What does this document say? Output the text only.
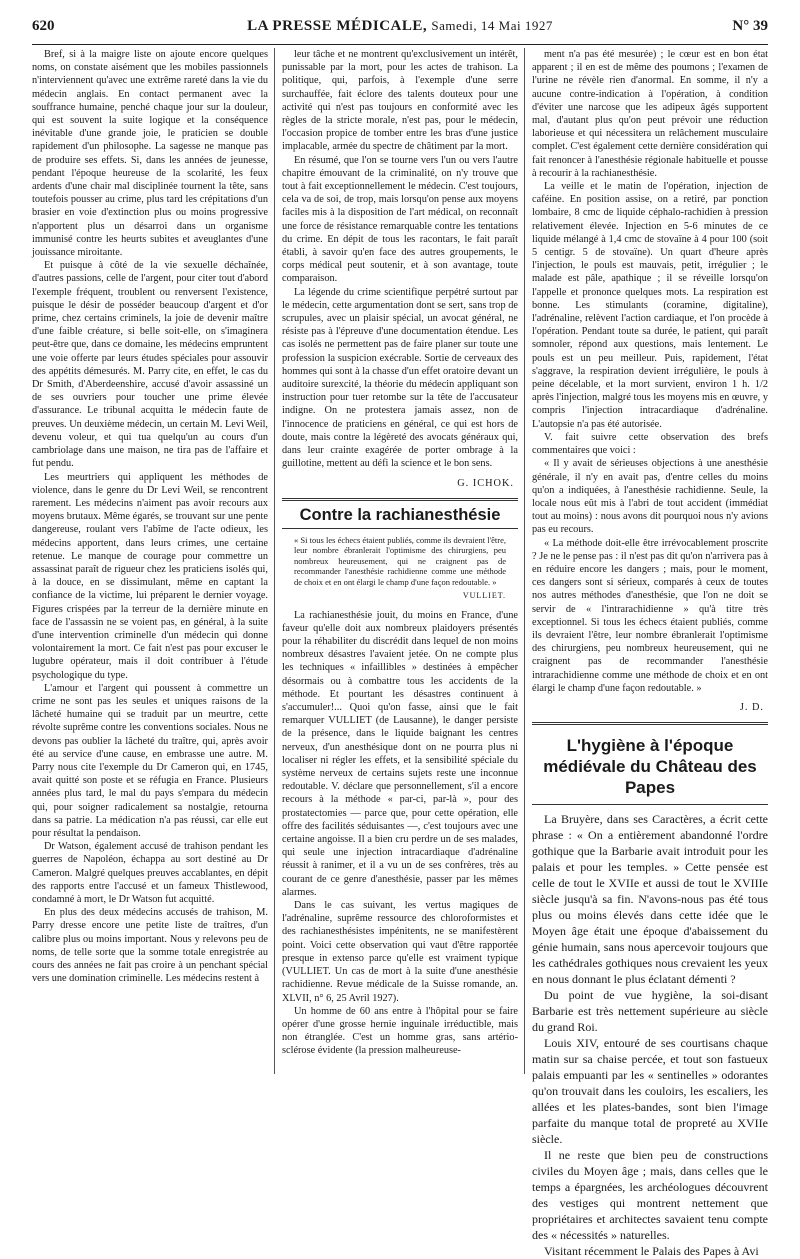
620	LA PRESSE MÉDICALE, Samedi, 14 Mai 1927	N° 39

Bref, si à la maigre liste on ajoute encore quelques noms, on constate aisément que les mobiles passionnels n'interviennent qu'avec une extrême rareté dans la vie du médecin anglais. En contact permanent avec la souffrance humaine, penché chaque jour sur la douleur, qui est souvent la suite logique et la conséquence inévitable d'une grande joie, le praticien se double rapidement d'un philosophe. La sagesse ne manque pas de produire ses effets. Si, dans les années de jeunesse, pendant l'époque heureuse de la scolarité, les feux ardents d'une chair mal disciplinée tournent la tête, sans toutefois pousser au crime, plus tard les crépitations d'un brasier en voie d'extinction plus ou moins progressive n'apportent plus un désarroi dans un organisme immunisé contre les heurts subites et aveuglantes d'une jouissance miroitante.

Et puisque à côté de la vie sexuelle déchaînée, d'autres passions, celle de l'argent, pour citer tout d'abord l'exemple fréquent, troublent ou renversent l'existence, puisque le désir de posséder beaucoup d'argent et d'or prime, chez certains criminels, la joie de devenir maître d'une faible créature, si belle soit-elle, on s'imaginera peut-être que, dans ce domaine, les médecins empruntent une voie offerte par leurs études spéciales pour assouvir des appétits démesurés. M. Parry cite, en effet, le cas du Dr Smith, d'Aberdeenshire, accusé d'avoir assassiné un de ses ouvriers pour toucher une prime élevée d'assurance. Le tribunal acquitta le médecin faute de preuves. Un deuxième médecin, un certain M. Levi Weil, devenu voleur, et qui tua quelqu'un au cours d'un cambriolage dans une maison, ne tira pas de l'affaire et fut pendu.

Les meurtriers qui appliquent les méthodes de violence, dans le genre du Dr Levi Weil, se rencontrent rarement. Les médecins n'aiment pas avoir recours aux moyens brutaux. Même égarés, se trouvant sur une pente dangereuse, roulant vers l'abîme de l'acte odieux, les médecins apportent, dans leurs crimes, une certaine retenue. Le manque de courage pour commettre un assassinat paraît de rigueur chez les praticiens isolés qui, à la douce, en se dissimulant, même en captant la confiance de la victime, lui préparent le dernier voyage. Figures crispées par la terreur de la dernière minute en face de l'assassin ne se voient pas, en général, à la suite d'une intervention criminelle d'un médecin qui donne volontairement la mort. Ce fait n'est pas pour excuser le lugubre opérateur, mais il doit contribuer à l'étude psychologique du type.

L'amour et l'argent qui poussent à commettre un crime ne sont pas les seules et uniques raisons de la lâcheté humaine qui se traduit par un meurtre, cette révolte suprême contre les conventions sociales. Nous ne devons pas oublier la lâcheté du traître, qui, après avoir été au service d'une cause, en embrasse une autre. M. Parry nous cite l'exemple du Dr Cameron qui, en 1745, avait quitté son poste et se réfugia en France. Plusieurs années plus tard, le mal du pays s'empara du médecin qui, pour soigner radicalement sa nostalgie, retourna dans sa patrie. La médication n'a pas réussi, car elle eut pour résultat la pendaison.

Dr Watson, également accusé de trahison pendant les guerres de Napoléon, échappa au sort destiné au Dr Cameron. Malgré quelques preuves accablantes, en dépit des rapports entre l'accusé et un fameux Thistlewood, condamné à mort, le Dr Watson fut acquitté.

En plus des deux médecins accusés de trahison, M. Parry dresse encore une petite liste de traîtres, d'un calibre plus ou moins important. Nous y relevons peu de noms, de telle sorte que la somme totale enregistrée au cours des années ne fait pas croire à un penchant spécial vers une domination criminelle. Les médecins restent à

leur tâche et ne montrent qu'exclusivement un intérêt, punissable par la mort, pour les actes de trahison. La politique, qui, parfois, à l'exemple d'une serre surchauffée, fait éclore des talents douteux pour une activité qui n'est pas toujours en conformité avec les règles de la stricte morale, n'est pas, pour le médecin, l'occasion propice de tomber entre les bras d'une justice implacable, armée du spectre de châtiment par la mort.

En résumé, que l'on se tourne vers l'un ou vers l'autre chapitre émouvant de la criminalité, on n'y trouve que tout à fait exceptionnellement le médecin. C'est toujours, cela va de soi, de trop, mais lorsqu'on pense aux moyens faciles mis à la disposition de l'art médical, on reconnaît une force de résistance remarquable contre les tentations du crime. En dépit de tous les racontars, le fait paraît établi, à savoir qu'en face des autres groupements, le corps médical peut soutenir, et à son avantage, toute comparaison.

La légende du crime scientifique perpétré surtout par le médecin, cette argumentation dont se sert, sans trop de scrupules, avec un plaisir spécial, un avocat général, ne résiste pas à l'épreuve d'une documentation étendue. Les cas isolés ne permettent pas de faire planer sur toute une profession la suspicion exécrable. Sortie de cerveaux des hommes qui sont à la chasse d'un effet oratoire devant un auditoire surexcité, la théorie du médecin appliquant son instruction pour tuer retombe sur la tête de l'accusateur indigne. On ne protestera jamais assez, non de l'innocence de praticiens en général, ce qui est hors de doute, mais contre la légèreté des avocats généraux qui, dans leur crainte exagérée de porter ombrage à la guillotine, mettent au défi la science et le bon sens.

G. ICHOK.
Contre la rachianesthésie
« Si tous les échecs étaient publiés, comme ils devraient l'être, leur nombre ébranlerait l'optimisme des chirurgiens, peu nombreux heureusement, qui ne craignent pas de recommander l'anesthésie rachidienne comme une méthode de choix et en ont élargi le champ d'une façon redoutable. »
VULLIET.

La rachianesthésie jouit, du moins en France, d'une faveur qu'elle doit aux nombreux plaidoyers présentés pour la réhabiliter du discrédit dans lequel de non moins nombreux désastres l'avaient jetée. On ne compte plus les techniques « infaillibles » destinées à empêcher désormais ou à combattre tous les accidents de la méthode. Et pourtant les désastres continuent à s'accumuler!... Quoi qu'on fasse, ainsi que le fait remarquer VULLIET (de Lausanne), le danger persiste de la présence, dans le liquide baignant les centres nerveux, d'un anesthésique dont on ne pourra plus ni localiser ni régler les effets, et la sensibilité spéciale du système nerveux de certains sujets reste une inconnue redoutable. V. déclare que personnellement, s'il a encore recours à la méthode « par-ci, par-là », pour des prostatectomies — parce que, pour cette opération, elle offre des facilités séduisantes —, c'est toujours avec une certaine angoisse. Il a bien cru perdre un de ses malades, qui seule une injection intracardiaque d'adrénaline réussit à ranimer, et il a vu un de ses confrères, très au courant de ce genre d'anesthésie, passer par les mêmes alarmes.

Dans le cas suivant, les vertus magiques de l'adrénaline, suprême ressource des chloroformistes et des rachianesthésistes impénitents, ne se manifestèrent point. Voici cette observation qui vaut d'être rapportée presque in extenso parce qu'elle est vraiment typique (VULLIET. Un cas de mort à la suite d'une anesthésie rachidienne. Revue médicale de la Suisse romande, an. XLVII, n° 6, 25 Avril 1927).

Un homme de 60 ans entre à l'hôpital pour se faire opérer d'une grosse hernie inguinale irréductible, mais non étranglée. C'est un homme gras, sans artério-sclérose évidente (la pression malheureuse-

ment n'a pas été mesurée) ; le cœur est en bon état apparent ; il en est de même des poumons ; l'examen de l'urine ne révèle rien d'anormal. En somme, il n'y a aucune contre-indication à l'opération, à condition d'éviter une narcose que les adipeux âgés supportent mal, d'autant plus qu'on peut prévoir une réduction laborieuse et qui nécessitera un relâchement musculaire complet. C'est également cette dernière considération qui fait renoncer à l'anesthésie régionale habituelle et pousse à recourir à la rachianesthésie.

La veille et le matin de l'opération, injection de caféine. En position assise, on a retiré, par ponction lombaire, 8 cmc de liquide céphalo-rachidien à pression relativement élevée. Injection en 5-6 minutes de ce liquide mélangé à 1,4 cmc de stovaïne à 4 pour 100 (soit 5 centigr. 5 de stovaïne). Un quart d'heure après l'injection, le pouls est mauvais, petit, irrégulier ; le malade est pâle, apathique ; il se réveille lorsqu'on l'appelle et prononce quelques mots. La respiration est bonne. Les stimulants (coramine, digitaline), l'adrénaline, relèvent l'action cardiaque, et l'on procède à l'opération. Pendant toute sa durée, le patient, qui paraît somnoler, répond aux questions, mais lentement. Le pouls est un peu meilleur. Puis, rapidement, l'état s'aggrave, la respiration devient irrégulière, le pouls à peine décelable, et la mort survient, environ 1 h. 1/2 après l'injection, malgré tous les moyens mis en œuvre, y compris l'injection intracardiaque d'adrénaline. L'autopsie n'a pas été autorisée.

V. fait suivre cette observation des brefs commentaires que voici :

« Il y avait de sérieuses objections à une anesthésie générale, il n'y en avait pas, d'entre celles du moins qu'on a indiquées, à l'anesthésie rachidienne. Seule, la locale nous eût mis à l'abri de tout accident (immédiat tout au moins) : nous avons dit pourquoi nous n'y avions pas eu recours.

« La méthode doit-elle être irrévocablement proscrite ? Je ne le pense pas : il n'est pas dit qu'on n'arrivera pas à en réduire encore les dangers ; mais, pour le moment, ces dangers sont si sérieux, comparés à ceux de toutes nos autres méthodes d'anesthésie, que l'on ne doit se servir de « l'intrarachidienne » qu'à titre très exceptionnel. Si tous les échecs étaient publiés, comme ils devraient l'être, leur nombre ébranlerait l'optimisme des chirurgiens, peu nombreux heureusement, qui ne craignent pas de recommander l'anesthésie intrarachidienne comme une méthode de choix et en ont élargi le champ d'une façon redoutable. »

J. D.
L'hygiène à l'époque médiévale du Château des Papes

La Bruyère, dans ses Caractères, a écrit cette phrase : « On a entièrement abandonné l'ordre gothique que la Barbarie avait introduit pour les palais et pour les temples. » Cette pensée est celle de tout le XVIIe et aussi de tout le XVIIIe siècle jusqu'à sa fin. N'avons-nous pas été tous plus ou moins élevés dans cette idée que le Moyen âge était une époque d'abaissement du génie humain, sans nous apercevoir toujours que les cathédrales gothiques nous crevaient les yeux en nous donnant le plus éclatant démenti ?

Du point de vue hygiène, la soi-disant Barbarie est très nettement supérieure au siècle du grand Roi.

Louis XIV, entouré de ses courtisans chaque matin sur sa chaise percée, et tout son fastueux palais empuanti par les « sentinelles » odorantes qu'on trouvait dans les couloirs, les escaliers, les allées et les plates-bandes, sont bien l'image parfaite du manque total de propreté au XVIIe siècle.

Il ne reste que bien peu de constructions civiles du Moyen âge ; mais, dans celles que le temps a épargnées, les archéologues découvrent des vestiges qui montrent nettement que propriétaires et architectes savaient tenu compte des « nécessités » naturelles.

Visitant récemment le Palais des Papes à Avi
